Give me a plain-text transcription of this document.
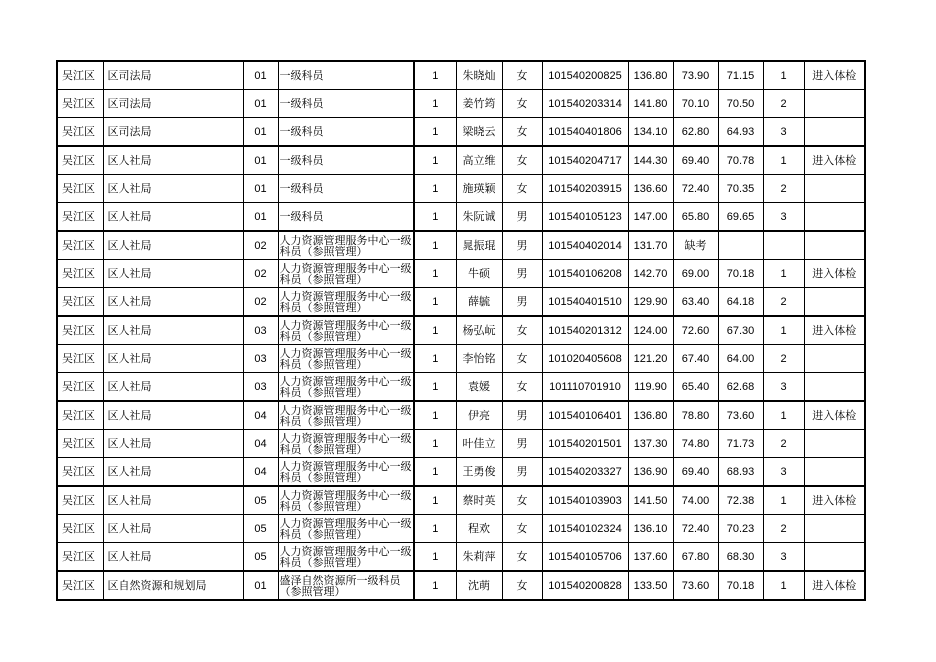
吴江区	区司法局	01	一级科员	1	朱晓灿	女	101540200825	136.80	73.90	71.15	1	进入体检
吴江区	区司法局	01	一级科员	1	姜竹筠	女	101540203314	141.80	70.10	70.50	2	
吴江区	区司法局	01	一级科员	1	梁晓云	女	101540401806	134.10	62.80	64.93	3	
吴江区	区人社局	01	一级科员	1	高立维	女	101540204717	144.30	69.40	70.78	1	进入体检
吴江区	区人社局	01	一级科员	1	施瑛颖	女	101540203915	136.60	72.40	70.35	2	
吴江区	区人社局	01	一级科员	1	朱阮诚	男	101540105123	147.00	65.80	69.65	3	
吴江区	区人社局	02	人力资源管理服务中心一级科员（参照管理）	1	晁振琨	男	101540402014	131.70	缺考			
吴江区	区人社局	02	人力资源管理服务中心一级科员（参照管理）	1	牛硕	男	101540106208	142.70	69.00	70.18	1	进入体检
吴江区	区人社局	02	人力资源管理服务中心一级科员（参照管理）	1	薛毓	男	101540401510	129.90	63.40	64.18	2	
吴江区	区人社局	03	人力资源管理服务中心一级科员（参照管理）	1	杨弘岏	女	101540201312	124.00	72.60	67.30	1	进入体检
吴江区	区人社局	03	人力资源管理服务中心一级科员（参照管理）	1	李怡铭	女	101020405608	121.20	67.40	64.00	2	
吴江区	区人社局	03	人力资源管理服务中心一级科员（参照管理）	1	袁媛	女	101110701910	119.90	65.40	62.68	3	
吴江区	区人社局	04	人力资源管理服务中心一级科员（参照管理）	1	伊亮	男	101540106401	136.80	78.80	73.60	1	进入体检
吴江区	区人社局	04	人力资源管理服务中心一级科员（参照管理）	1	叶佳立	男	101540201501	137.30	74.80	71.73	2	
吴江区	区人社局	04	人力资源管理服务中心一级科员（参照管理）	1	王勇俊	男	101540203327	136.90	69.40	68.93	3	
吴江区	区人社局	05	人力资源管理服务中心一级科员（参照管理）	1	蔡时英	女	101540103903	141.50	74.00	72.38	1	进入体检
吴江区	区人社局	05	人力资源管理服务中心一级科员（参照管理）	1	程欢	女	101540102324	136.10	72.40	70.23	2	
吴江区	区人社局	05	人力资源管理服务中心一级科员（参照管理）	1	朱莉萍	女	101540105706	137.60	67.80	68.30	3	
吴江区	区自然资源和规划局	01	盛泽自然资源所一级科员（参照管理）	1	沈萌	女	101540200828	133.50	73.60	70.18	1	进入体检
